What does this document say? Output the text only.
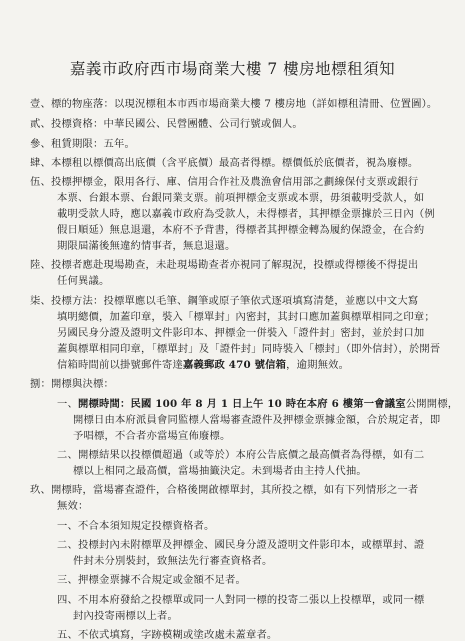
嘉義市政府西市場商業大樓 7 樓房地標租須知
壹、標的物座落：以現況標租本市西市場商業大樓 7 樓房地（詳如標租清冊、位置圖）。
貳、投標資格：中華民國公、民營團體、公司行號或個人。
參、租賃期限：五年。
肆、本標租以標價高出底價（含平底價）最高者得標。標價低於底價者，視為廢標。
伍、投標押標金，限用各行、庫、信用合作社及農漁會信用部之劃線保付支票或銀行
本票、台銀本票、台銀同業支票。前項押標金支票或本票，毋須載明受款人，如
載明受款人時，應以嘉義市政府為受款人，未得標者，其押標金票據於三日內（例
假日順延）無息退還，本府不予背書，得標者其押標金轉為履約保證金，在合約
期限屆滿後無違約情事者，無息退還。
陸、投標者應赴現場勘查，未赴現場勘查者亦視同了解現況，投標或得標後不得提出
任何異議。
柒、投標方法：投標單應以毛筆、鋼筆或原子筆依式逐項填寫清楚，並應以中文大寫
填明總價，加蓋印章，裝入「標單封」內密封，其封口應加蓋與標單相同之印章；
另國民身分證及證明文件影印本、押標金一併裝入「證件封」密封，並於封口加
蓋與標單相同印章，「標單封」及「證件封」同時裝入「標封」（即外信封），於開晉
信箱時間前以掛號郵件寄達嘉義郵政 470 號信箱，逾期無效。
捌：開標與決標：
一、開標時間：民國 100 年 8 月 1 日上午 10 時在本府 6 樓第一會議室公開開標，
開標日由本府派員會同監標人當場審查證件及押標金票據金額，合於規定者，即
予唱標，不合者亦當場宣佈廢標。
二、開標結果以投標價超過（或等於）本府公告底價之最高價者為得標，如有二
標以上相同之最高價，當場抽籤決定。未到場者由主持人代抽。
玖、開標時，當場審查證件，合格後開啟標單封，其所投之標，如有下列情形之一者
無效：
一、不合本須知規定投標資格者。
二、投標封內未附標單及押標金、國民身分證及證明文件影印本，或標單封、證
件封未分別裝封，致無法先行審查資格者。
三、押標金票據不合規定或金額不足者。
四、不用本府發給之投標單或同一人對同一標的投寄二張以上投標單，或同一標
封內投寄兩標以上者。
五、不依式填寫，字跡模糊或塗改處未蓋章者。
